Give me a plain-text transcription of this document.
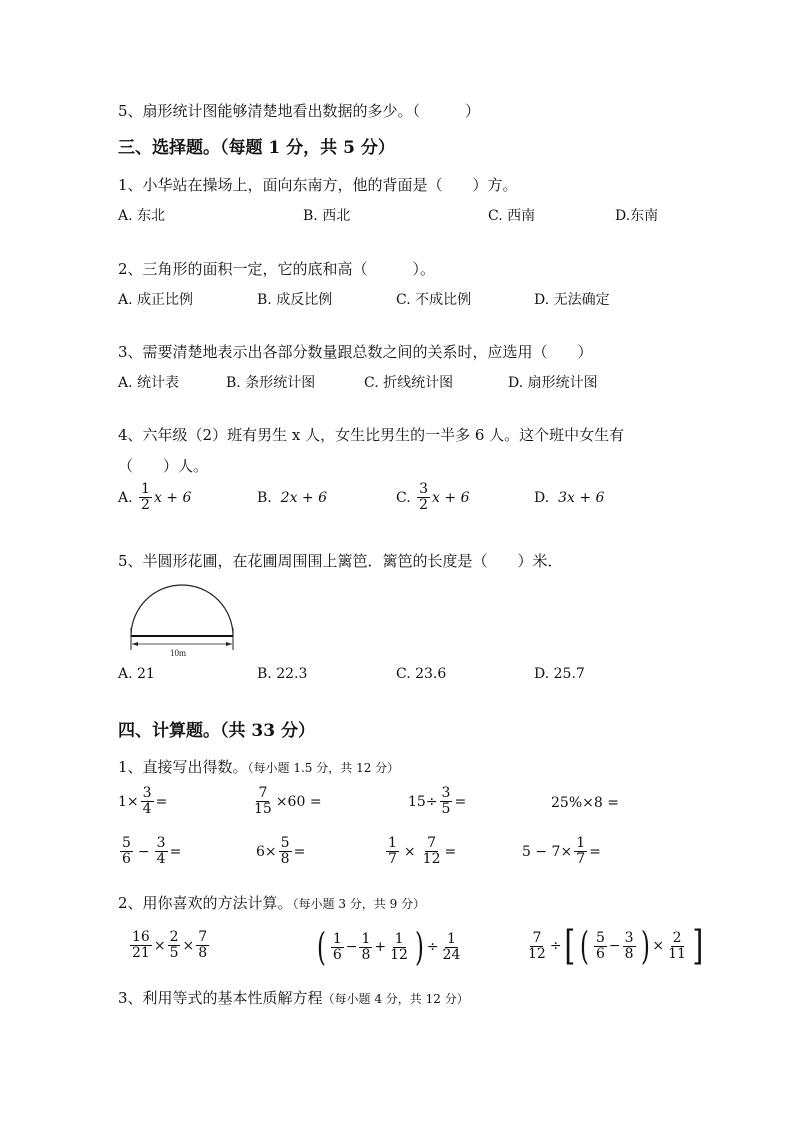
5、扇形统计图能够清楚地看出数据的多少。（　　　）
三、选择题。（每题 1 分，共 5 分）
1、小华站在操场上，面向东南方，他的背面是（　　）方。
A. 东北	B. 西北	C. 西南	D.东南
2、三角形的面积一定，它的底和高（　　　）。
A. 成正比例	B. 成反比例	C. 不成比例	D. 无法确定
3、需要清楚地表示出各部分数量跟总数之间的关系时，应选用（　　）
A. 统计表	B. 条形统计图	C. 折线统计图	D. 扇形统计图
4、六年级（2）班有男生 x 人，女生比男生的一半多 6 人。这个班中女生有
（　　）人。
A.
$\frac{1}{2}$ x + 6	B.
2x + 6	C.
$\frac{3}{2}$ x + 6	D.
3x + 6
5、半圆形花圃，在花圃周围围上篱笆．篱笆的长度是（　　）米．
10m
A. 21	B. 22.3	C. 23.6	D. 25.7
四、计算题。（共 33 分）
1、直接写出得数。（每小题 1.5 分，共 12 分）
$1\times \frac{3}{4}$ =	$\frac{7}{15} \times 60$ =	$15\div \frac{3}{5}$ =	25%×8 =
$\frac{5}{6} - \frac{3}{4}$ =	$6\times \frac{5}{8}$ =	$\frac{1}{7} \times \frac{7}{12}$ =	$5 - 7\times \frac{1}{7}$ =
2、用你喜欢的方法计算。（每小题 3 分，共 9 分）
$\frac{16}{21} \times \frac{2}{5} \times \frac{7}{8}$	( $\frac{1}{6} - \frac{1}{8} + \frac{1}{12}$ ) ÷ $\frac{1}{24}$	$\frac{7}{12}$ ÷ [ ( $\frac{5}{6} - \frac{3}{8}$ ) × $\frac{2}{11}$ ]
3、利用等式的基本性质解方程（每小题 4 分，共 12 分）
